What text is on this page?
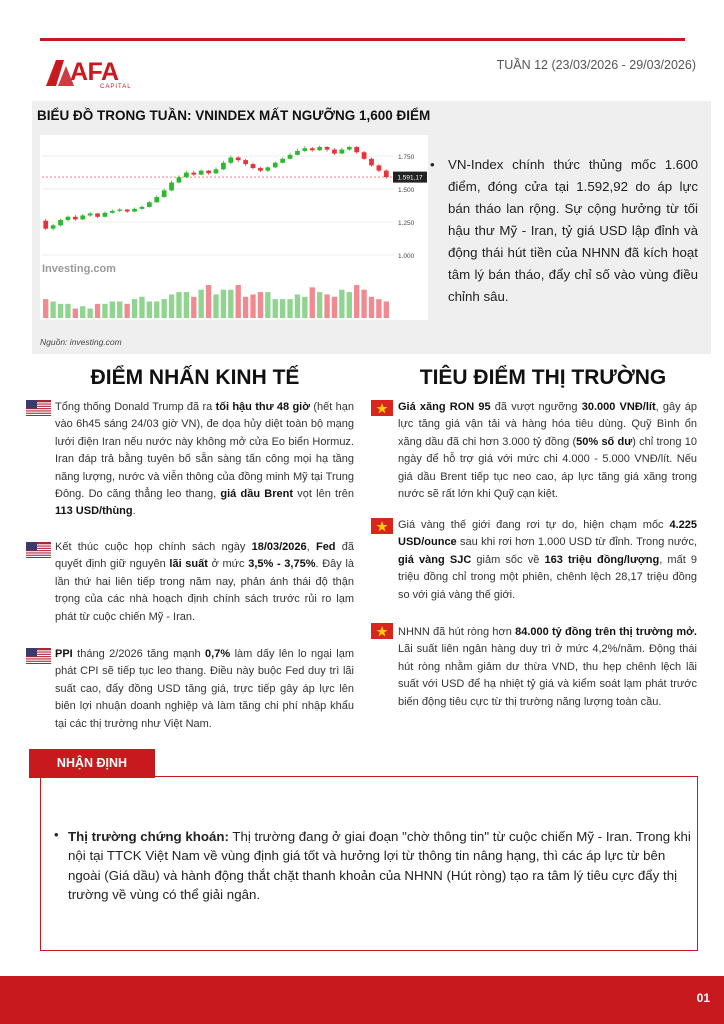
AFA
CAPITAL
TUẦN 12 (23/03/2026 - 29/03/2026)
BIỂU ĐỒ TRONG TUẦN: VNINDEX MẤT NGƯỠNG 1,600 ĐIỂM
1.750
1.500
1.250
1.000
Investing.com
1.591,17
Nguồn: investing.com
• VN-Index chính thức thủng mốc 1.600 điểm, đóng cửa tại 1.592,92 do áp lực bán tháo lan rộng. Sự cộng hưởng từ tối hậu thư Mỹ - Iran, tỷ giá USD lập đỉnh và động thái hút tiền của NHNN đã kích hoạt tâm lý bán tháo, đẩy chỉ số vào vùng điều chỉnh sâu.

ĐIỂM NHẤN KINH TẾ	TIÊU ĐIỂM THỊ TRƯỜNG
Tổng thống Donald Trump đã ra tối hậu thư 48 giờ (hết hạn vào 6h45 sáng 24/03 giờ VN), đe dọa hủy diệt toàn bộ mạng lưới điện Iran nếu nước này không mở cửa Eo biển Hormuz. Iran đáp trả bằng tuyên bố sẵn sàng tấn công mọi hạ tầng năng lượng, nước và viễn thông của đồng minh Mỹ tại Trung Đông. Do căng thẳng leo thang, giá dầu Brent vọt lên trên 113 USD/thùng.
Kết thúc cuộc họp chính sách ngày 18/03/2026, Fed đã quyết định giữ nguyên lãi suất ở mức 3,5% - 3,75%. Đây là lần thứ hai liên tiếp trong năm nay, phản ánh thái độ thận trọng của các nhà hoạch định chính sách trước rủi ro lạm phát từ cuộc chiến Mỹ - Iran.
PPI tháng 2/2026 tăng mạnh 0,7% làm dấy lên lo ngại lạm phát CPI sẽ tiếp tục leo thang. Điều này buộc Fed duy trì lãi suất cao, đẩy đồng USD tăng giá, trực tiếp gây áp lực lên biên lợi nhuận doanh nghiệp và làm tăng chi phí nhập khẩu tại các thị trường như Việt Nam.
Giá xăng RON 95 đã vượt ngưỡng 30.000 VNĐ/lít, gây áp lực tăng giá vận tải và hàng hóa tiêu dùng. Quỹ Bình ổn xăng dầu đã chi hơn 3.000 tỷ đồng (50% số dư) chỉ trong 10 ngày để hỗ trợ giá với mức chi 4.000 - 5.000 VNĐ/lít. Nếu giá dầu Brent tiếp tục neo cao, áp lực tăng giá xăng trong nước sẽ rất lớn khi Quỹ cạn kiệt.
Giá vàng thế giới đang rơi tự do, hiện chạm mốc 4.225 USD/ounce sau khi rơi hơn 1.000 USD từ đỉnh. Trong nước, giá vàng SJC giảm sốc về 163 triệu đồng/lượng, mất 9 triệu đồng chỉ trong một phiên, chênh lệch 28,17 triệu đồng so với giá vàng thế giới.
NHNN đã hút ròng hơn 84.000 tỷ đồng trên thị trường mở. Lãi suất liên ngân hàng duy trì ở mức 4,2%/năm. Động thái hút ròng nhằm giảm dư thừa VND, thu hẹp chênh lệch lãi suất với USD để hạ nhiệt tỷ giá và kiểm soát lạm phát trước biến động tiêu cực từ thị trường năng lượng toàn cầu.
NHẬN ĐỊNH
• Thị trường chứng khoán: Thị trường đang ở giai đoạn "chờ thông tin" từ cuộc chiến Mỹ - Iran. Trong khi nội tại TTCK Việt Nam về vùng định giá tốt và hưởng lợi từ thông tin nâng hạng, thì các áp lực từ bên ngoài (Giá dầu) và hành động thắt chặt thanh khoản của NHNN (Hút ròng) tạo ra tâm lý tiêu cực đẩy thị trường về vùng có thể giải ngân.
01
